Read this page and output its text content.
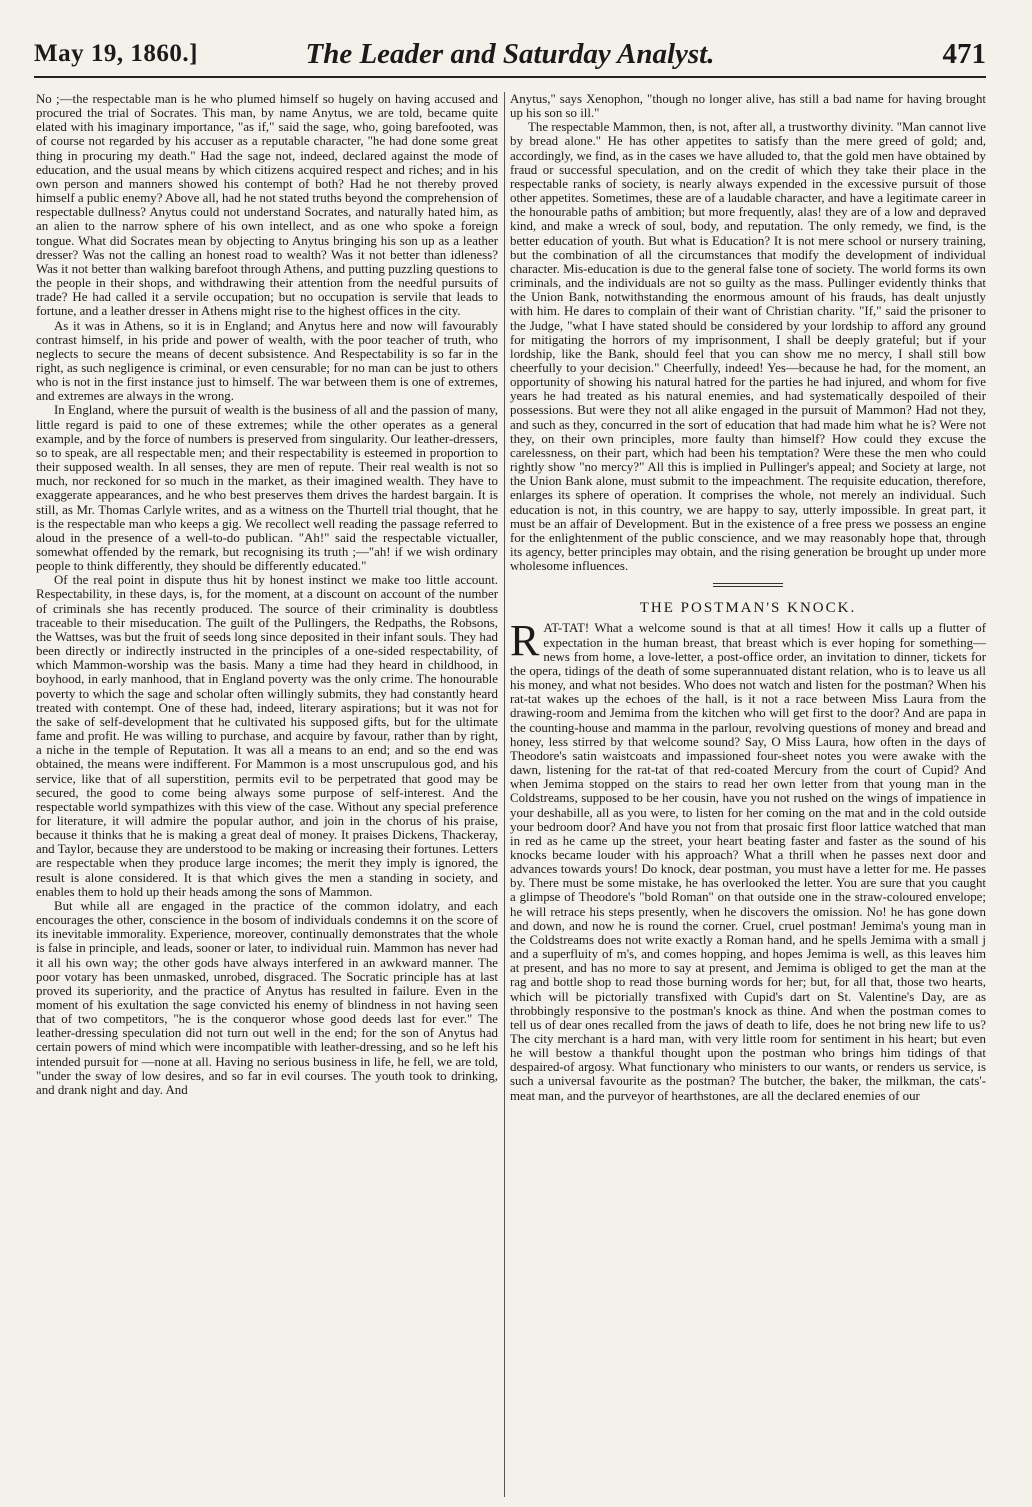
May 19, 1860.]	The Leader and Saturday Analyst.	471

No ;—the respectable man is he who plumed himself so hugely on having accused and procured the trial of Socrates. This man, by name Anytus, we are told, became quite elated with his imaginary importance, "as if," said the sage, who, going barefooted, was of course not regarded by his accuser as a reputable character, "he had done some great thing in procuring my death." Had the sage not, indeed, declared against the mode of education, and the usual means by which citizens acquired respect and riches; and in his own person and manners showed his contempt of both? Had he not thereby proved himself a public enemy? Above all, had he not stated truths beyond the comprehension of respectable dullness? Anytus could not understand Socrates, and naturally hated him, as an alien to the narrow sphere of his own intellect, and as one who spoke a foreign tongue. What did Socrates mean by objecting to Anytus bringing his son up as a leather dresser? Was not the calling an honest road to wealth? Was it not better than idleness? Was it not better than walking barefoot through Athens, and putting puzzling questions to the people in their shops, and withdrawing their attention from the needful pursuits of trade? He had called it a servile occupation; but no occupation is servile that leads to fortune, and a leather dresser in Athens might rise to the highest offices in the city.

As it was in Athens, so it is in England; and Anytus here and now will favourably contrast himself, in his pride and power of wealth, with the poor teacher of truth, who neglects to secure the means of decent subsistence. And Respectability is so far in the right, as such negligence is criminal, or even censurable; for no man can be just to others who is not in the first instance just to himself. The war between them is one of extremes, and extremes are always in the wrong.

In England, where the pursuit of wealth is the business of all and the passion of many, little regard is paid to one of these extremes; while the other operates as a general example, and by the force of numbers is preserved from singularity. Our leather-dressers, so to speak, are all respectable men; and their respectability is esteemed in proportion to their supposed wealth. In all senses, they are men of repute. Their real wealth is not so much, nor reckoned for so much in the market, as their imagined wealth. They have to exaggerate appearances, and he who best preserves them drives the hardest bargain. It is still, as Mr. Thomas Carlyle writes, and as a witness on the Thurtell trial thought, that he is the respectable man who keeps a gig. We recollect well reading the passage referred to aloud in the presence of a well-to-do publican. "Ah!" said the respectable victualler, somewhat offended by the remark, but recognising its truth ;—"ah! if we wish ordinary people to think differently, they should be differently educated."

Of the real point in dispute thus hit by honest instinct we make too little account. Respectability, in these days, is, for the moment, at a discount on account of the number of criminals she has recently produced. The source of their criminality is doubtless traceable to their miseducation. The guilt of the Pullingers, the Redpaths, the Robsons, the Wattses, was but the fruit of seeds long since deposited in their infant souls. They had been directly or indirectly instructed in the principles of a one-sided respectability, of which Mammon-worship was the basis. Many a time had they heard in childhood, in boyhood, in early manhood, that in England poverty was the only crime. The honourable poverty to which the sage and scholar often willingly submits, they had constantly heard treated with contempt. One of these had, indeed, literary aspirations; but it was not for the sake of self-development that he cultivated his supposed gifts, but for the ultimate fame and profit. He was willing to purchase, and acquire by favour, rather than by right, a niche in the temple of Reputation. It was all a means to an end; and so the end was obtained, the means were indifferent. For Mammon is a most unscrupulous god, and his service, like that of all superstition, permits evil to be perpetrated that good may be secured, the good to come being always some purpose of self-interest. And the respectable world sympathizes with this view of the case. Without any special preference for literature, it will admire the popular author, and join in the chorus of his praise, because it thinks that he is making a great deal of money. It praises Dickens, Thackeray, and Taylor, because they are understood to be making or increasing their fortunes. Letters are respectable when they produce large incomes; the merit they imply is ignored, the result is alone considered. It is that which gives the men a standing in society, and enables them to hold up their heads among the sons of Mammon.

But while all are engaged in the practice of the common idolatry, and each encourages the other, conscience in the bosom of individuals condemns it on the score of its inevitable immorality. Experience, moreover, continually demonstrates that the whole is false in principle, and leads, sooner or later, to individual ruin. Mammon has never had it all his own way; the other gods have always interfered in an awkward manner. The poor votary has been unmasked, unrobed, disgraced. The Socratic principle has at last proved its superiority, and the practice of Anytus has resulted in failure. Even in the moment of his exultation the sage convicted his enemy of blindness in not having seen that of two competitors, "he is the conqueror whose good deeds last for ever." The leather-dressing speculation did not turn out well in the end; for the son of Anytus had certain powers of mind which were incompatible with leather-dressing, and so he left his intended pursuit for —none at all. Having no serious business in life, he fell, we are told, "under the sway of low desires, and so far in evil courses. The youth took to drinking, and drank night and day. And

Anytus," says Xenophon, "though no longer alive, has still a bad name for having brought up his son so ill."

The respectable Mammon, then, is not, after all, a trustworthy divinity. "Man cannot live by bread alone." He has other appetites to satisfy than the mere greed of gold; and, accordingly, we find, as in the cases we have alluded to, that the gold men have obtained by fraud or successful speculation, and on the credit of which they take their place in the respectable ranks of society, is nearly always expended in the excessive pursuit of those other appetites. Sometimes, these are of a laudable character, and have a legitimate career in the honourable paths of ambition; but more frequently, alas! they are of a low and depraved kind, and make a wreck of soul, body, and reputation. The only remedy, we find, is the better education of youth. But what is Education? It is not mere school or nursery training, but the combination of all the circumstances that modify the development of individual character. Mis-education is due to the general false tone of society. The world forms its own criminals, and the individuals are not so guilty as the mass. Pullinger evidently thinks that the Union Bank, notwithstanding the enormous amount of his frauds, has dealt unjustly with him. He dares to complain of their want of Christian charity. "If," said the prisoner to the Judge, "what I have stated should be considered by your lordship to afford any ground for mitigating the horrors of my imprisonment, I shall be deeply grateful; but if your lordship, like the Bank, should feel that you can show me no mercy, I shall still bow cheerfully to your decision." Cheerfully, indeed! Yes—because he had, for the moment, an opportunity of showing his natural hatred for the parties he had injured, and whom for five years he had treated as his natural enemies, and had systematically despoiled of their possessions. But were they not all alike engaged in the pursuit of Mammon? Had not they, and such as they, concurred in the sort of education that had made him what he is? Were not they, on their own principles, more faulty than himself? How could they excuse the carelessness, on their part, which had been his temptation? Were these the men who could rightly show "no mercy?" All this is implied in Pullinger's appeal; and Society at large, not the Union Bank alone, must submit to the impeachment. The requisite education, therefore, enlarges its sphere of operation. It comprises the whole, not merely an individual. Such education is not, in this country, we are happy to say, utterly impossible. In great part, it must be an affair of Development. But in the existence of a free press we possess an engine for the enlightenment of the public conscience, and we may reasonably hope that, through its agency, better principles may obtain, and the rising generation be brought up under more wholesome influences.

THE POSTMAN'S KNOCK.

RAT-TAT! What a welcome sound is that at all times! How it calls up a flutter of expectation in the human breast, that breast which is ever hoping for something—news from home, a love-letter, a post-office order, an invitation to dinner, tickets for the opera, tidings of the death of some superannuated distant relation, who is to leave us all his money, and what not besides. Who does not watch and listen for the postman? When his rat-tat wakes up the echoes of the hall, is it not a race between Miss Laura from the drawing-room and Jemima from the kitchen who will get first to the door? And are papa in the counting-house and mamma in the parlour, revolving questions of money and bread and honey, less stirred by that welcome sound? Say, O Miss Laura, how often in the days of Theodore's satin waistcoats and impassioned four-sheet notes you were awake with the dawn, listening for the rat-tat of that red-coated Mercury from the court of Cupid? And when Jemima stopped on the stairs to read her own letter from that young man in the Coldstreams, supposed to be her cousin, have you not rushed on the wings of impatience in your deshabille, all as you were, to listen for her coming on the mat and in the cold outside your bedroom door? And have you not from that prosaic first floor lattice watched that man in red as he came up the street, your heart beating faster and faster as the sound of his knocks became louder with his approach? What a thrill when he passes next door and advances towards yours! Do knock, dear postman, you must have a letter for me. He passes by. There must be some mistake, he has overlooked the letter. You are sure that you caught a glimpse of Theodore's "bold Roman" on that outside one in the straw-coloured envelope; he will retrace his steps presently, when he discovers the omission. No! he has gone down and down, and now he is round the corner. Cruel, cruel postman! Jemima's young man in the Coldstreams does not write exactly a Roman hand, and he spells Jemima with a small j and a superfluity of m's, and comes hopping, and hopes Jemima is well, as this leaves him at present, and has no more to say at present, and Jemima is obliged to get the man at the rag and bottle shop to read those burning words for her; but, for all that, those two hearts, which will be pictorially transfixed with Cupid's dart on St. Valentine's Day, are as throbbingly responsive to the postman's knock as thine. And when the postman comes to tell us of dear ones recalled from the jaws of death to life, does he not bring new life to us? The city merchant is a hard man, with very little room for sentiment in his heart; but even he will bestow a thankful thought upon the postman who brings him tidings of that despaired-of argosy. What functionary who ministers to our wants, or renders us service, is such a universal favourite as the postman? The butcher, the baker, the milkman, the cats'-meat man, and the purveyor of hearthstones, are all the declared enemies of our
